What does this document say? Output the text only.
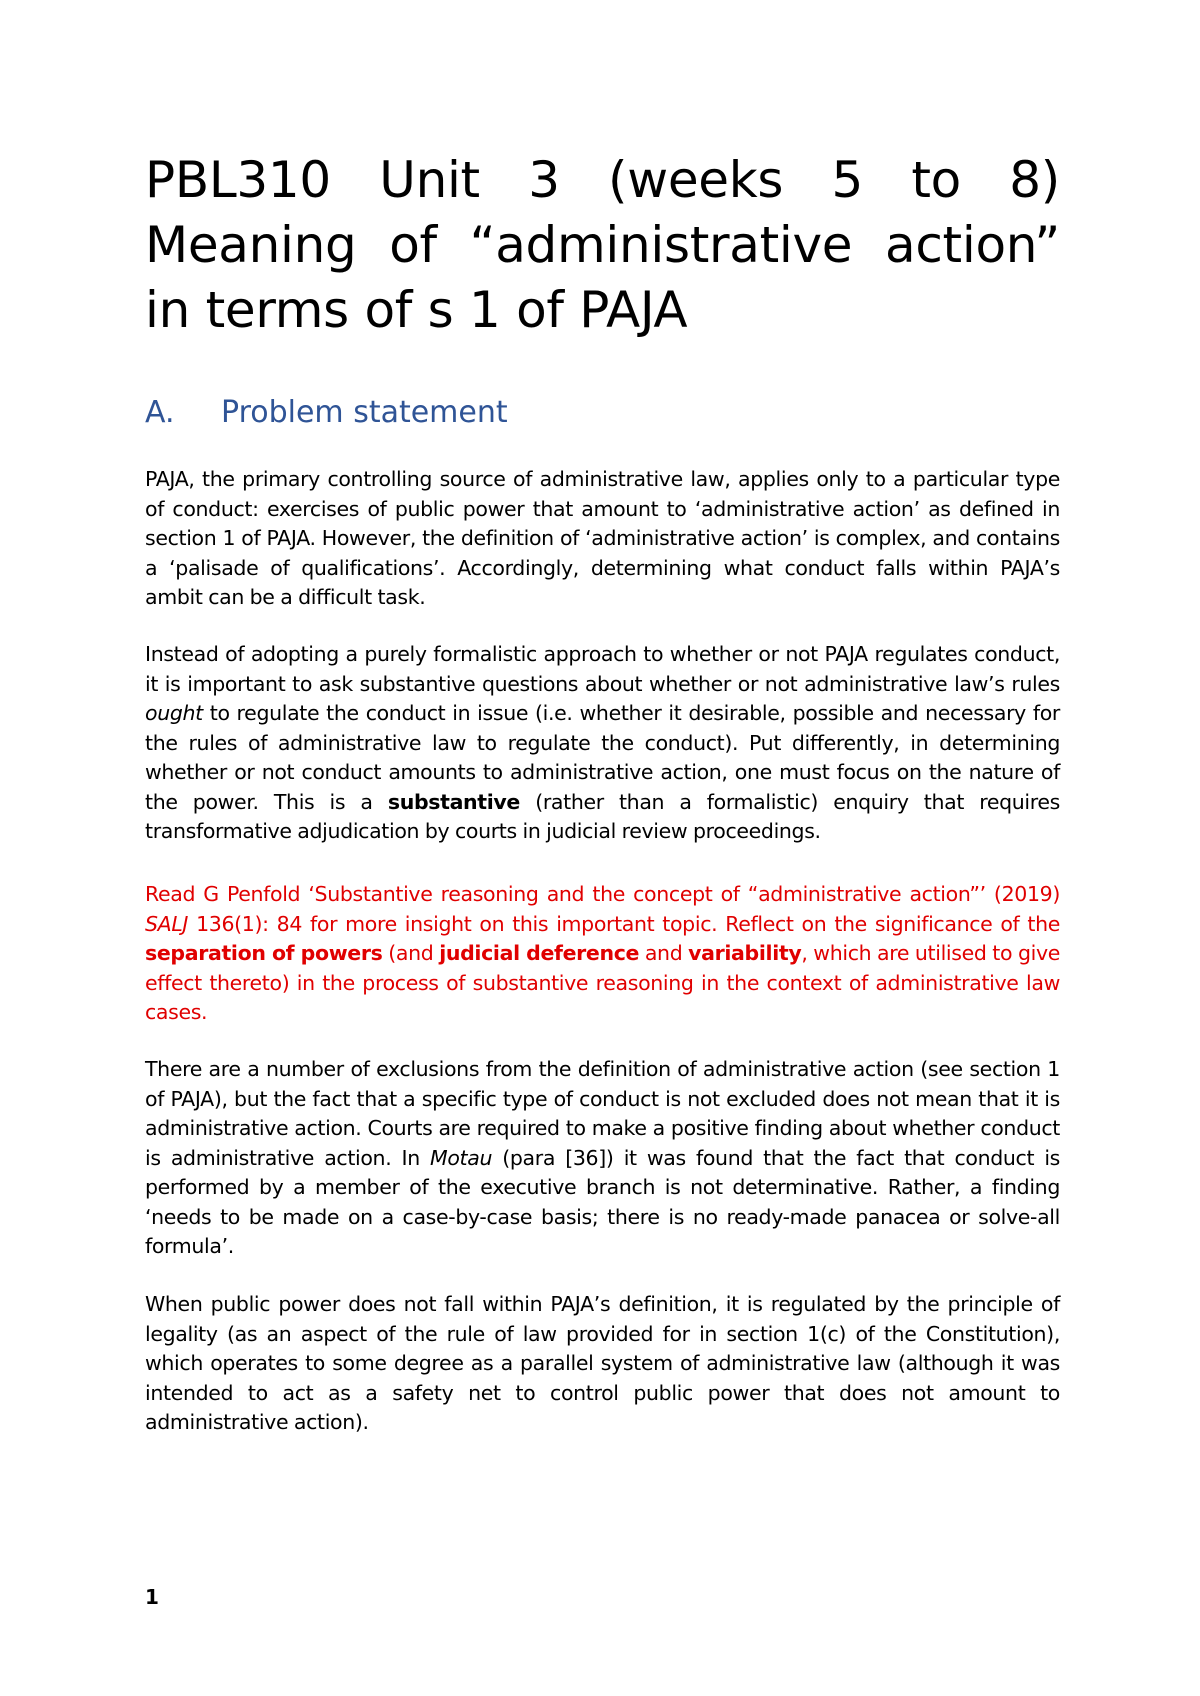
PBL310 Unit 3 (weeks 5 to 8) Meaning of “administrative action” in terms of s 1 of PAJA
A. Problem statement

PAJA, the primary controlling source of administrative law, applies only to a particular type of conduct: exercises of public power that amount to ‘administrative action’ as defined in section 1 of PAJA. However, the definition of ‘administrative action’ is complex, and contains a ‘palisade of qualifications’. Accordingly, determining what conduct falls within PAJA’s ambit can be a difficult task.

Instead of adopting a purely formalistic approach to whether or not PAJA regulates conduct, it is important to ask substantive questions about whether or not administrative law’s rules ought to regulate the conduct in issue (i.e. whether it desirable, possible and necessary for the rules of administrative law to regulate the conduct). Put differently, in determining whether or not conduct amounts to administrative action, one must focus on the nature of the power. This is a substantive (rather than a formalistic) enquiry that requires transformative adjudication by courts in judicial review proceedings.

Read G Penfold ‘Substantive reasoning and the concept of “administrative action”’ (2019) SALJ 136(1): 84 for more insight on this important topic. Reflect on the significance of the separation of powers (and judicial deference and variability, which are utilised to give effect thereto) in the process of substantive reasoning in the context of administrative law cases.

There are a number of exclusions from the definition of administrative action (see section 1 of PAJA), but the fact that a specific type of conduct is not excluded does not mean that it is administrative action. Courts are required to make a positive finding about whether conduct is administrative action. In Motau (para [36]) it was found that the fact that conduct is performed by a member of the executive branch is not determinative. Rather, a finding ‘needs to be made on a case-by-case basis; there is no ready-made panacea or solve-all formula’.

When public power does not fall within PAJA’s definition, it is regulated by the principle of legality (as an aspect of the rule of law provided for in section 1(c) of the Constitution), which operates to some degree as a parallel system of administrative law (although it was intended to act as a safety net to control public power that does not amount to administrative action).

1
